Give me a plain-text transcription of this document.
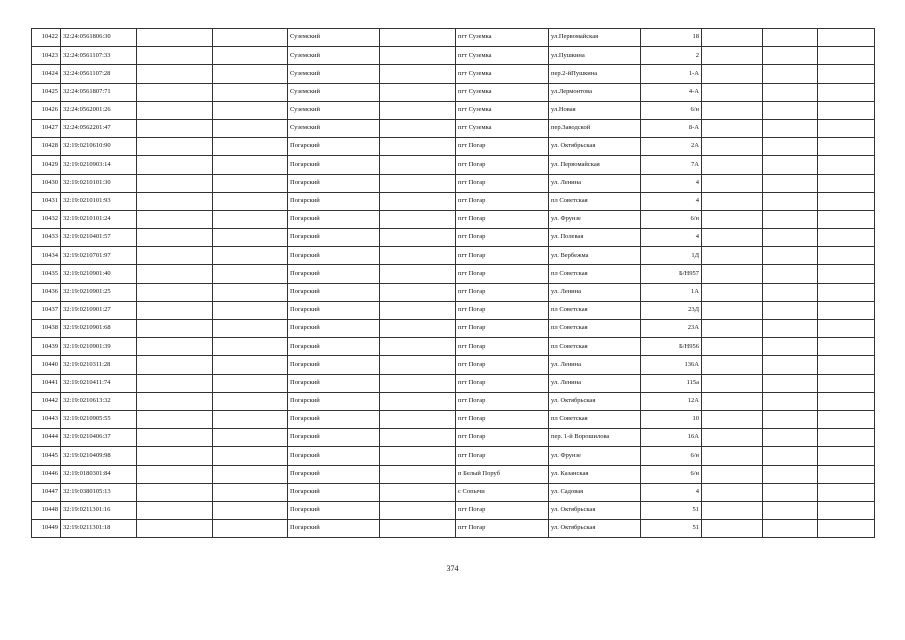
10422	32:24:0561806:30			Суземский		пгт Суземка	ул.Первомайская	18			
10423	32:24:0561107:33			Суземский		пгт Суземка	ул.Пушкина	2			
10424	32:24:0561107:28			Суземский		пгт Суземка	пер.2-йПушкина	1-А			
10425	32:24:0561807:71			Суземский		пгт Суземка	ул.Лермонтова	4-А			
10426	32:24:0562001:26			Суземский		пгт Суземка	ул.Новая	6/н			
10427	32:24:0562201:47			Суземский		пгт Суземка	пер.Заводской	8-А			
10428	32:19:0210610:90			Погарский		пгт Погар	ул. Октябрьская	2А			
10429	32:19:0210903:14			Погарский		пгт Погар	ул. Первомайская	7А			
10430	32:19:0210101:30			Погарский		пгт Погар	ул. Ленина	4			
10431	32:19:0210101:93			Погарский		пгт Погар	пл Советская	4			
10432	32:19:0210101:24			Погарский		пгт Погар	ул. Фрунзе	6/н			
10433	32:19:0210401:57			Погарский		пгт Погар	ул. Полевая	4			
10434	32:19:0210701:97			Погарский		пгт Погар	ул. Вербежма	1Д			
10435	32:19:0210901:40			Погарский		пгт Погар	пл Советская	Б/Н957			
10436	32:19:0210901:25			Погарский		пгт Погар	ул. Ленина	1А			
10437	32:19:0210901:27			Погарский		пгт Погар	пл Советская	23Д			
10438	32:19:0210901:68			Погарский		пгт Погар	пл Советская	23А			
10439	32:19:0210901:39			Погарский		пгт Погар	пл Советская	Б/Н956			
10440	32:19:0210311:28			Погарский		пгт Погар	ул. Ленина	136А			
10441	32:19:0210411:74			Погарский		пгт Погар	ул. Ленина	115а			
10442	32:19:0210613:32			Погарский		пгт Погар	ул. Октябрьская	12А			
10443	32:19:0210905:55			Погарский		пгт Погар	пл Советская	10			
10444	32:19:0210406:37			Погарский		пгт Погар	пер. 1-й Ворошилова	16А			
10445	32:19:0210409:98			Погарский		пгт Погар	ул. Фрунзе	6/н			
10446	32:19:0180301:84			Погарский		п Белый Поруб	ул. Казанская	6/н			
10447	32:19:0380105:13			Погарский		с Сопычи	ул. Садовая	4			
10448	32:19:0211301:16			Погарский		пгт Погар	ул. Октябрьская	51			
10449	32:19:0211301:18			Погарский		пгт Погар	ул. Октябрьская	51			
374
